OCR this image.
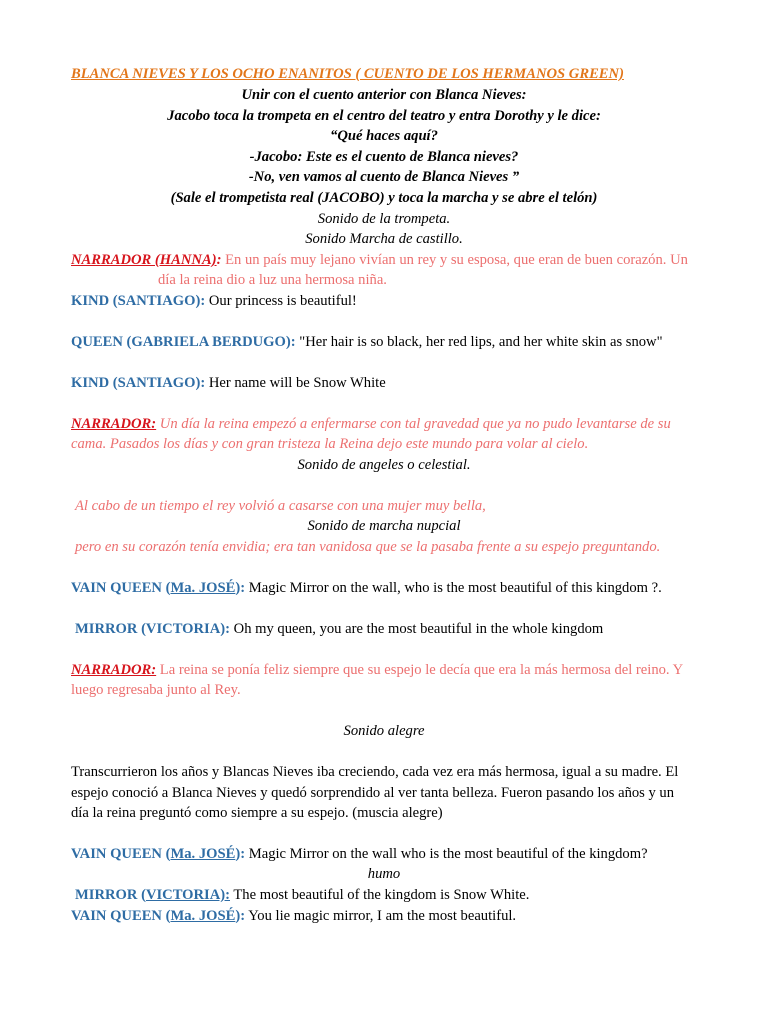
BLANCA NIEVES Y LOS OCHO ENANITOS ( CUENTO DE LOS HERMANOS GREEN)
Unir con el cuento anterior con Blanca Nieves:
Jacobo toca la trompeta en el centro del teatro y entra Dorothy y le dice:
“Qué haces aquí?
-Jacobo: Este es el cuento de Blanca nieves?
-No, ven vamos al cuento de Blanca Nieves ”
(Sale el trompetista real (JACOBO) y toca la marcha y se abre el telón)
Sonido de la trompeta.
Sonido Marcha de castillo.
NARRADOR (HANNA): En un país muy lejano vivían un rey y su esposa, que eran de buen corazón. Un
día la reina dio a luz una hermosa niña.
KIND (SANTIAGO): Our princess is beautiful!
QUEEN (GABRIELA BERDUGO): "Her hair is so black, her red lips, and her white skin as snow"
KIND (SANTIAGO): Her name will be Snow White
NARRADOR: Un día la reina empezó a enfermarse con tal gravedad que ya no pudo levantarse de su
cama. Pasados los días y con gran tristeza la Reina dejo este mundo para volar al cielo.
Sonido de angeles o celestial.
Al cabo de un tiempo el rey volvió a casarse con una mujer muy bella,
Sonido de marcha nupcial
pero en su corazón tenía envidia; era tan vanidosa que se la pasaba frente a su espejo preguntando.
VAIN QUEEN (Ma. JOSÉ): Magic Mirror on the wall, who is the most beautiful of this kingdom ?.
MIRROR (VICTORIA): Oh my queen, you are the most beautiful in the whole kingdom
NARRADOR: La reina se ponía feliz siempre que su espejo le decía que era la más hermosa del reino. Y
luego regresaba junto al Rey.
Sonido alegre
Transcurrieron los años y Blancas Nieves iba creciendo, cada vez era más hermosa, igual a su madre. El
espejo conoció a Blanca Nieves y quedó sorprendido al ver tanta belleza. Fueron pasando los años y un
día la reina preguntó como siempre a su espejo. (muscia alegre)
VAIN QUEEN (Ma. JOSÉ): Magic Mirror on the wall who is the most beautiful of the kingdom?
humo
MIRROR (VICTORIA): The most beautiful of the kingdom is Snow White.
VAIN QUEEN (Ma. JOSÉ): You lie magic mirror, I am the most beautiful.
